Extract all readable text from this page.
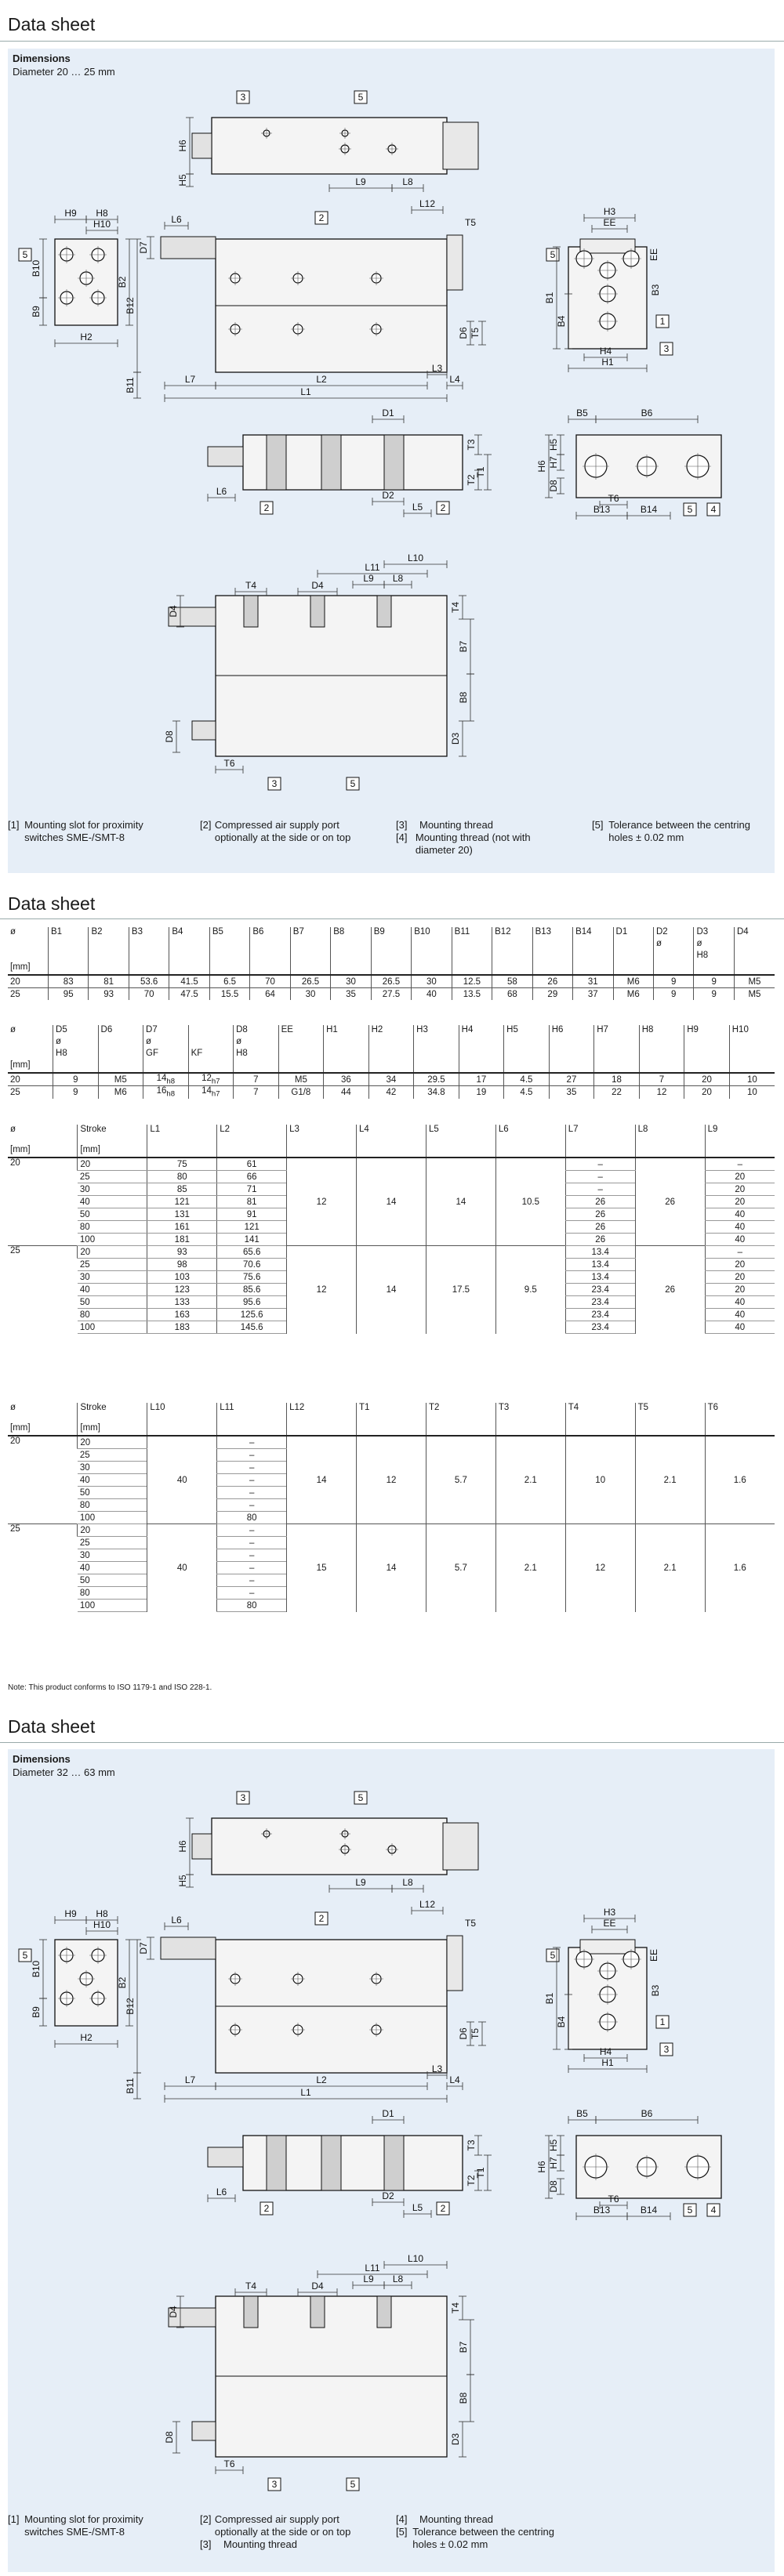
Data sheet
Dimensions
Diameter 20 … 25 mm
3	5
H6
H5	L9	L8
2
L7	L2
L1
L3
L4
L12
L6	T5
D7
B12
B11
D6 T5
5
H9 H8
H10
H2
B10
B9
B2
5
3
1
H3
EE
H1
H4
B1
B4
B3
EE
2	2
D1
D2
L5
L6
T3
T1
T2
5 4
B5	B6
B13	B14
T6
H5
H6 H7
D8
3	5
L11
L10
L9 L8
D4
T4
T6
D4
D8
T4
B7
B8
D3
Data sheet
ø	B1	B2	B3	B4	B5	B6	B7	B8	B9	B10	B11	B12	B13	B14	D1	D2	D3	D4
																ø	ø	
																	H8	
[mm]																		
20	83	81	53.6	41.5	6.5	70	26.5	30	26.5	30	12.5	58	26	31	M6	9	9	M5
25	95	93	70	47.5	15.5	64	30	35	27.5	40	13.5	68	29	37	M6	9	9	M5
ø	D5	D6	D7		D8	EE	H1	H2	H3	H4	H5	H6	H7	H8	H9	H10
	ø		ø		ø											
	H8		GF	KF	H8											
[mm]																
20	9	M5	$14_{h8}$	$12_{h7}$	7	M5	36	34	29.5	17	4.5	27	18	7	20	10
25	9	M6	$16_{h8}$	$14_{h7}$	7	G1/8	44	42	34.8	19	4.5	35	22	12	20	10
ø	Stroke	L1	L2	L3	L4	L5	L6	L7	L8	L9
[mm]	[mm]									
20	20	75	61	12	14	14	10.5	–	26	–
	25	80	66					–		20
	30	85	71					–		20
	40	121	81					26		20
	50	131	91					26		40
	80	161	121					26		40
	100	181	141					26		40
25	20	93	65.6	12	14	17.5	9.5	13.4	26	–
	25	98	70.6					13.4		20
	30	103	75.6					13.4		20
	40	123	85.6					23.4		20
	50	133	95.6					23.4		40
	80	163	125.6					23.4		40
	100	183	145.6					23.4		40
ø	Stroke	L10	L11	L12	T1	T2	T3	T4	T5	T6
[mm]	[mm]									
20	20	40	–	14	12	5.7	2.1	10	2.1	1.6
	25		–							
	30		–							
	40		–							
	50		–							
	80		–							
	100		80							
25	20	40	–	15	14	5.7	2.1	12	2.1	1.6
	25		–							
	30		–							
	40		–							
	50		–							
	80		–							
	100		80							
Note: This product conforms to ISO 1179-1 and ISO 228-1.
Data sheet
Dimensions
Diameter 32 … 63 mm
3	5
H6
H5	L9	L8
2
L7	L2
L1
L3
L4
L12
L6	T5
D7
B12
B11
D6 T5
5
H9 H8
H10
H2
B10
B9
B2
5
3
1
H3
EE
H1
H4
B1
B4
B3
EE
2	2
D1
D2
L5
L6
T3
T1
T2
5 4
B5	B6
B13	B14
T6
H5
H6 H7
D8
3	5
L11
L10
L9 L8
D4
T4
T6
D4
D8
T4
B7
B8
D3
[1] Mounting slot for proximity switches SME-/SMT-8
[2] Compressed air supply port optionally at the side or on top
[3]	Mounting thread
[4] Mounting thread (not with diameter 20)
[5] Tolerance between the centring holes ± 0.02 mm
[1] Mounting slot for proximity switches SME-/SMT-8
[2] Compressed air supply port optionally at the side or on top
[3]	Mounting thread
[4]	Mounting thread
[5] Tolerance between the centring holes ± 0.02 mm
